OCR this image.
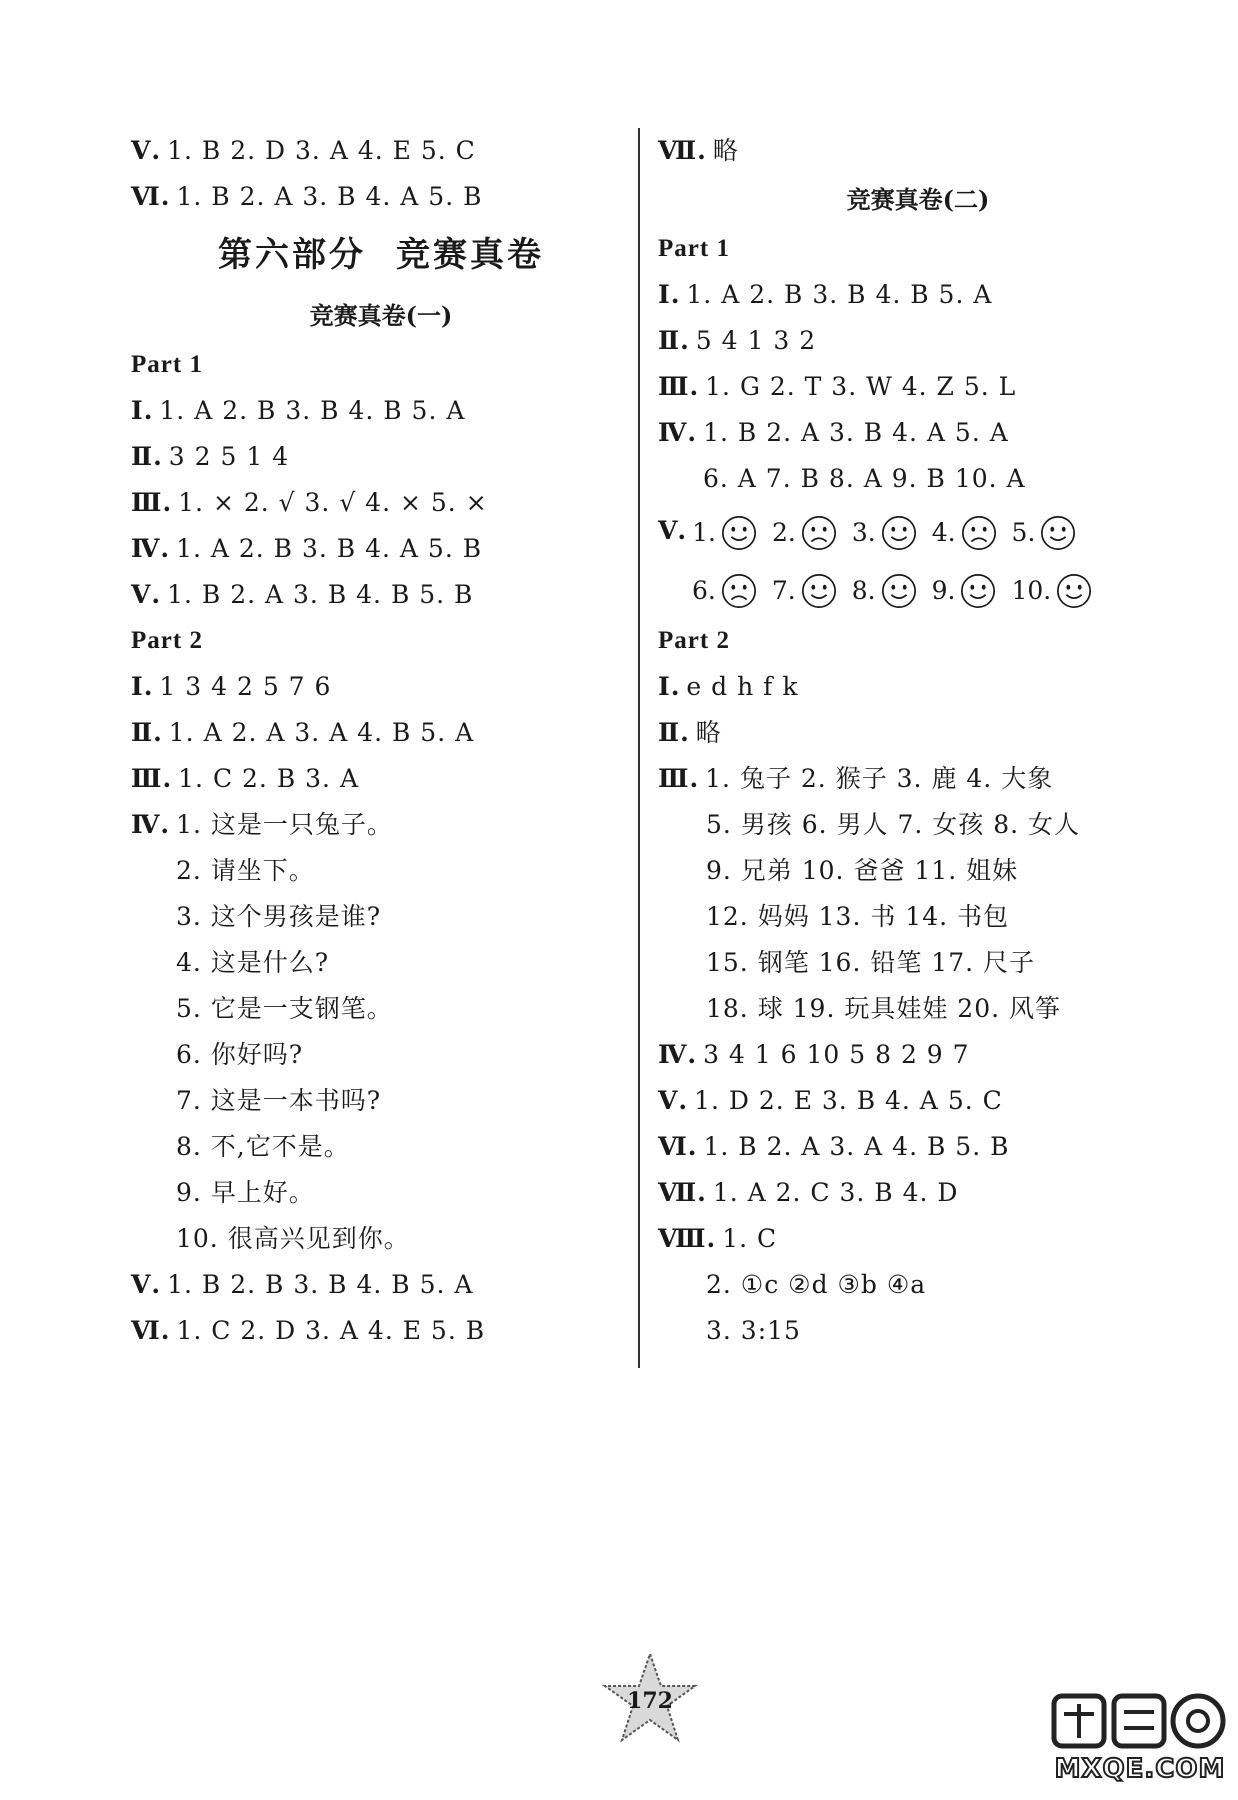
Ⅴ. 1. B 2. D 3. A 4. E 5. C
Ⅵ. 1. B 2. A 3. B 4. A 5. B
第六部分 竞赛真卷
竞赛真卷(一)
Part 1
Ⅰ. 1. A 2. B 3. B 4. B 5. A
Ⅱ. 3 2 5 1 4
Ⅲ. 1. × 2. √ 3. √ 4. × 5. ×
Ⅳ. 1. A 2. B 3. B 4. A 5. B
Ⅴ. 1. B 2. A 3. B 4. B 5. B
Part 2
Ⅰ. 1 3 4 2 5 7 6
Ⅱ. 1. A 2. A 3. A 4. B 5. A
Ⅲ. 1. C 2. B 3. A
Ⅳ. 1. 这是一只兔子。
2. 请坐下。
3. 这个男孩是谁?
4. 这是什么?
5. 它是一支钢笔。
6. 你好吗?
7. 这是一本书吗?
8. 不,它不是。
9. 早上好。
10. 很高兴见到你。
Ⅴ. 1. B 2. B 3. B 4. B 5. A
Ⅵ. 1. C 2. D 3. A 4. E 5. B
Ⅶ. 略
竞赛真卷(二)
Part 1
Ⅰ. 1. A 2. B 3. B 4. B 5. A
Ⅱ. 5 4 1 3 2
Ⅲ. 1. G 2. T 3. W 4. Z 5. L
Ⅳ. 1. B 2. A 3. B 4. A 5. A
6. A 7. B 8. A 9. B 10. A
Ⅴ. 1. 2. 3. 4. 5.
6. 7. 8. 9. 10.
Part 2
Ⅰ. e d h f k
Ⅱ. 略
Ⅲ. 1. 兔子 2. 猴子 3. 鹿 4. 大象
5. 男孩 6. 男人 7. 女孩 8. 女人
9. 兄弟 10. 爸爸 11. 姐妹
12. 妈妈 13. 书 14. 书包
15. 钢笔 16. 铅笔 17. 尺子
18. 球 19. 玩具娃娃 20. 风筝
Ⅳ. 3 4 1 6 10 5 8 2 9 7
Ⅴ. 1. D 2. E 3. B 4. A 5. C
Ⅵ. 1. B 2. A 3. A 4. B 5. B
Ⅶ. 1. A 2. C 3. B 4. D
Ⅷ. 1. C
2. ①c ②d ③b ④a
3. 3:15
172
MXQE.COM
